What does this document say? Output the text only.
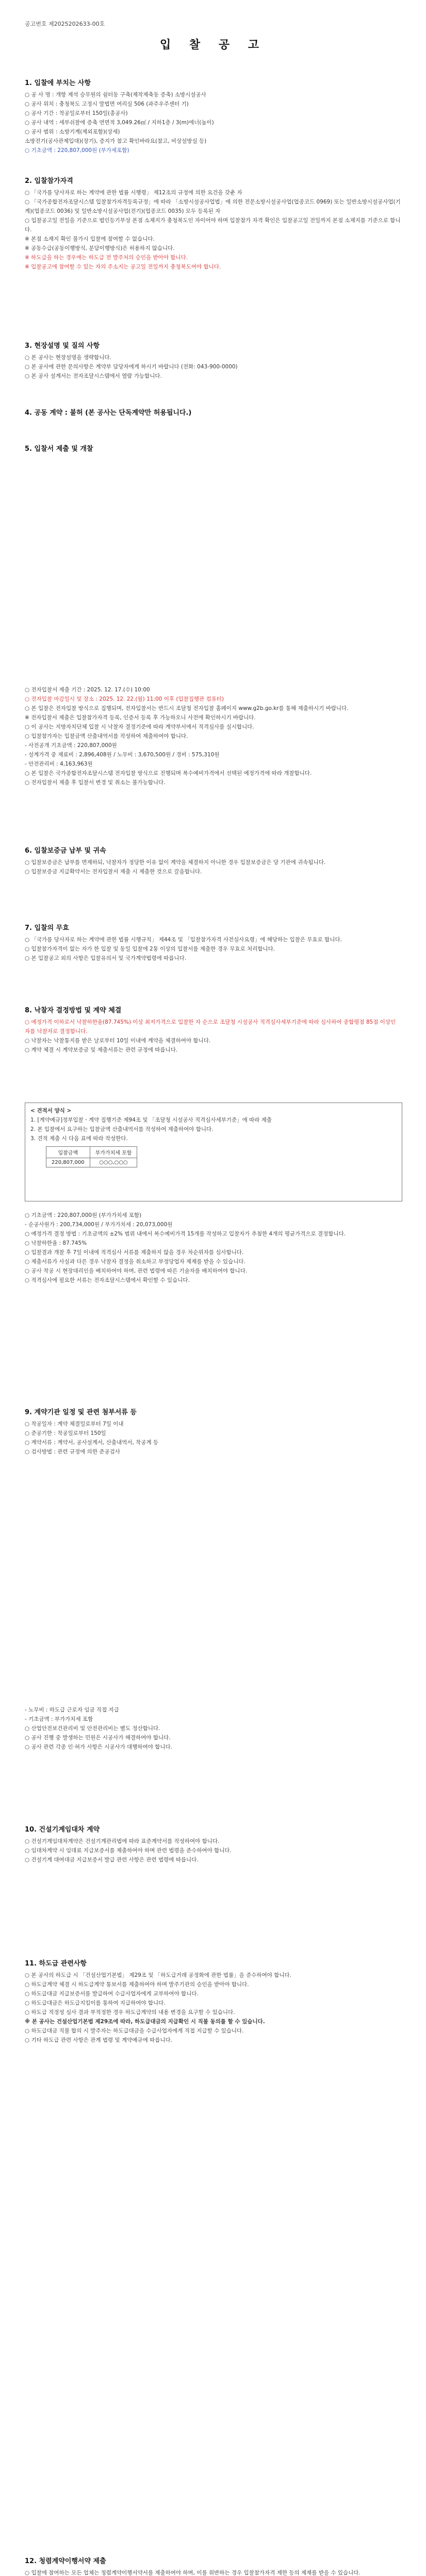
공고번호 제2025202633-00호
입 찰 공 고

1. 입찰에 부치는 사항

○ 공 사 명 : 개항 제석 승무원의 쉼터동 구축(제작제축동 증축) 소방시설공사

○ 공사 위치 : 충청북도 고정시 말법면 여리실 506 (과주우주센터 기)

○ 공사 기간 : 착공일로부터 150일(총공사)

○ 공사 내역 : 세부쉬찰에 증축 연면적 3,049.26㎡ / 지하1층 / 3(m)에너(높이)

○ 공사 범위 : 소방기계(제외포함)(상세)

소방전기(공사관제입대)(장기), 증지가 참고 확인바라요(참고, 비상설방실 등)

○ 기초금액 : 220,807,000원 (부가세포함)

2. 입찰참가자격

○ 「국가를 당사자로 하는 계약에 관한 법률 시행령」 제12조의 규정에 의한 요건을 갖춘 자

○ 「국가종합전자조달시스템 입찰참가자격등록규정」에 따라 「소방시설공사업법」에 의한 전문소방시설공사업(업종코드 0969) 또는 일반소방시설공사업(기계)(업종코드 0036) 및 일반소방시설공사업(전기)(업종코드 0035) 모두 등록된 자

○ 입찰공고일 전일을 기준으로 법인등기부상 본점 소재지가 충청북도인 자이어야 하며 입찰참가 자격 확인은 입찰공고일 전일까지 본점 소재지를 기준으로 합니다.

※ 본점 소재지 확인 불가시 입찰에 참여할 수 없습니다.

※ 공동수급(공동이행방식, 분담이행방식)은 허용하지 않습니다.

※ 하도급을 하는 경우에는 하도급 전 발주처의 승인을 받아야 합니다.

※ 입찰공고에 참여할 수 있는 자의 주소지는 공고일 전일까지 충청북도여야 합니다.

3. 현장설명 및 질의 사항

○ 본 공사는 현장설명을 생략합니다.

○ 본 공사에 관한 문의사항은 계약부 담당자에게 하시기 바랍니다 (전화: 043-900-0000)

○ 본 공사 설계서는 전자조달시스템에서 열람 가능합니다.

4. 공동 계약 : 불허 (본 공사는 단독계약만 허용됩니다.)

5. 입찰서 제출 및 개찰

○ 전자입찰서 제출 기간 : 2025. 12. 17.(수) 10:00

○ 전자입찰 마감일시 및 장소 : 2025. 12. 22.(월) 11:00 이후 (입찰집행관 컴퓨터)

○ 본 입찰은 전자입찰 방식으로 집행되며, 전자입찰서는 반드시 조달청 전자입찰 홈페이지 www.g2b.go.kr를 통해 제출하시기 바랍니다.

※ 전자입찰서 제출은 입찰참가자격 등록, 인증서 등록 후 가능하오니 사전에 확인하시기 바랍니다.

○ 이 공사는 지방자치단체 입찰 시 낙찰자 결정기준에 따라 계약부서에서 적격심사를 실시합니다.

○ 입찰참가자는 입찰금액 산출내역서를 작성하여 제출하여야 합니다.

- 사전공개 기초금액 : 220,807,000원

- 설계가격 중 재료비 : 2,896,408원 / 노무비 : 3,670,500원 / 경비 : 575,310원

- 안전관리비 : 4,163,963원

○ 본 입찰은 국가종합전자조달시스템 전자입찰 방식으로 진행되며 복수예비가격에서 선택된 예정가격에 따라 개찰합니다.

○ 전자입찰서 제출 후 입찰서 변경 및 취소는 불가능합니다.

6. 입찰보증금 납부 및 귀속

○ 입찰보증금은 납부를 면제하되, 낙찰자가 정당한 이유 없이 계약을 체결하지 아니한 경우 입찰보증금은 당 기관에 귀속됩니다.

○ 입찰보증금 지급확약서는 전자입찰서 제출 시 제출한 것으로 갈음합니다.

7. 입찰의 무효

○ 「국가를 당사자로 하는 계약에 관한 법률 시행규칙」 제44조 및 「입찰참가자격 사전심사요령」에 해당하는 입찰은 무효로 합니다.

○ 입찰참가자격이 없는 자가 한 입찰 및 동일 입찰에 2통 이상의 입찰서를 제출한 경우 무효로 처리합니다.

○ 본 입찰공고 외의 사항은 입찰유의서 및 국가계약법령에 따릅니다.

8. 낙찰자 결정방법 및 계약 체결

○ 예정가격 이하로서 낙찰하한율(87.745%) 이상 최저가격으로 입찰한 자 순으로 조달청 시설공사 적격심사세부기준에 따라 심사하여 종합평점 85점 이상인 자를 낙찰자로 결정합니다.

○ 낙찰자는 낙찰통지를 받은 날로부터 10일 이내에 계약을 체결하여야 합니다.

○ 계약 체결 시 계약보증금 및 제출서류는 관련 규정에 따릅니다.

< 견적서 양식 >

1. [계약예규]정부입찰ㆍ계약 집행기준 제94조 및 「조달청 시설공사 적격심사세부기준」에 따라 제출

2. 본 입찰에서 요구하는 입찰금액 산출내역서를 작성하여 제출하여야 합니다.

3. 견적 제출 시 다음 표에 따라 작성한다.

입찰금액	부가가치세 포함
220,807,000	○○○,○○○

○ 기초금액 : 220,807,000원 (부가가치세 포함)

- 순공사원가 : 200,734,000원 / 부가가치세 : 20,073,000원

○ 예정가격 결정 방법 : 기초금액의 ±2% 범위 내에서 복수예비가격 15개를 작성하고 입찰자가 추첨한 4개의 평균가격으로 결정합니다.

○ 낙찰하한율 : 87.745%

○ 입찰결과 개찰 후 7일 이내에 적격심사 서류를 제출하지 않을 경우 차순위자를 심사합니다.

○ 제출서류가 사실과 다른 경우 낙찰자 결정을 취소하고 부정당업자 제재를 받을 수 있습니다.

○ 공사 착공 시 현장대리인을 배치하여야 하며, 관련 법령에 따른 기술자를 배치하여야 합니다.

○ 적격심사에 필요한 서류는 전자조달시스템에서 확인할 수 있습니다.

9. 계약기관 일정 및 관련 첨부서류 등

○ 착공일자 : 계약 체결일로부터 7일 이내

○ 준공기한 : 착공일로부터 150일

○ 계약서류 : 계약서, 공사설계서, 산출내역서, 착공계 등

○ 검사방법 : 관련 규정에 의한 준공검사

- 노무비 : 하도급 근로자 임금 직접 지급

- 기초금액 : 부가가치세 포함

○ 산업안전보건관리비 및 안전관리비는 별도 정산합니다.

○ 공사 진행 중 발생하는 민원은 시공사가 해결하여야 합니다.

○ 공사 관련 각종 인·허가 사항은 시공사가 대행하여야 합니다.

10. 건설기계임대차 계약

○ 건설기계임대차계약은 건설기계관리법에 따라 표준계약서를 작성하여야 합니다.

○ 임대차계약 시 임대료 지급보증서를 제출하여야 하며 관련 법령을 준수하여야 합니다.

○ 건설기계 대여대금 지급보증서 발급 관련 사항은 관련 법령에 따릅니다.

11. 하도급 관련사항

○ 본 공사의 하도급 시 「건설산업기본법」 제29조 및 「하도급거래 공정화에 관한 법률」을 준수하여야 합니다.

○ 하도급계약 체결 시 하도급계약 통보서를 제출하여야 하며 발주기관의 승인을 받아야 합니다.

○ 하도급대금 지급보증서를 발급하여 수급사업자에게 교부하여야 합니다.

○ 하도급대금은 하도급지킴이를 통하여 지급하여야 합니다.

○ 하도급 적정성 심사 결과 부적정한 경우 하도급계약의 내용 변경을 요구할 수 있습니다.

※ 본 공사는 건설산업기본법 제29조에 따라, 하도급대금의 지급확인 시 직불 동의를 할 수 있습니다.

○ 하도급대금 직불 합의 시 발주자는 하도급대금을 수급사업자에게 직접 지급할 수 있습니다.

○ 기타 하도급 관련 사항은 관계 법령 및 계약예규에 따릅니다.

12. 청렴계약이행서약 제출

○ 입찰에 참여하는 모든 업체는 청렴계약이행서약서를 제출하여야 하며, 이를 위반하는 경우 입찰참가자격 제한 등의 제재를 받을 수 있습니다.
